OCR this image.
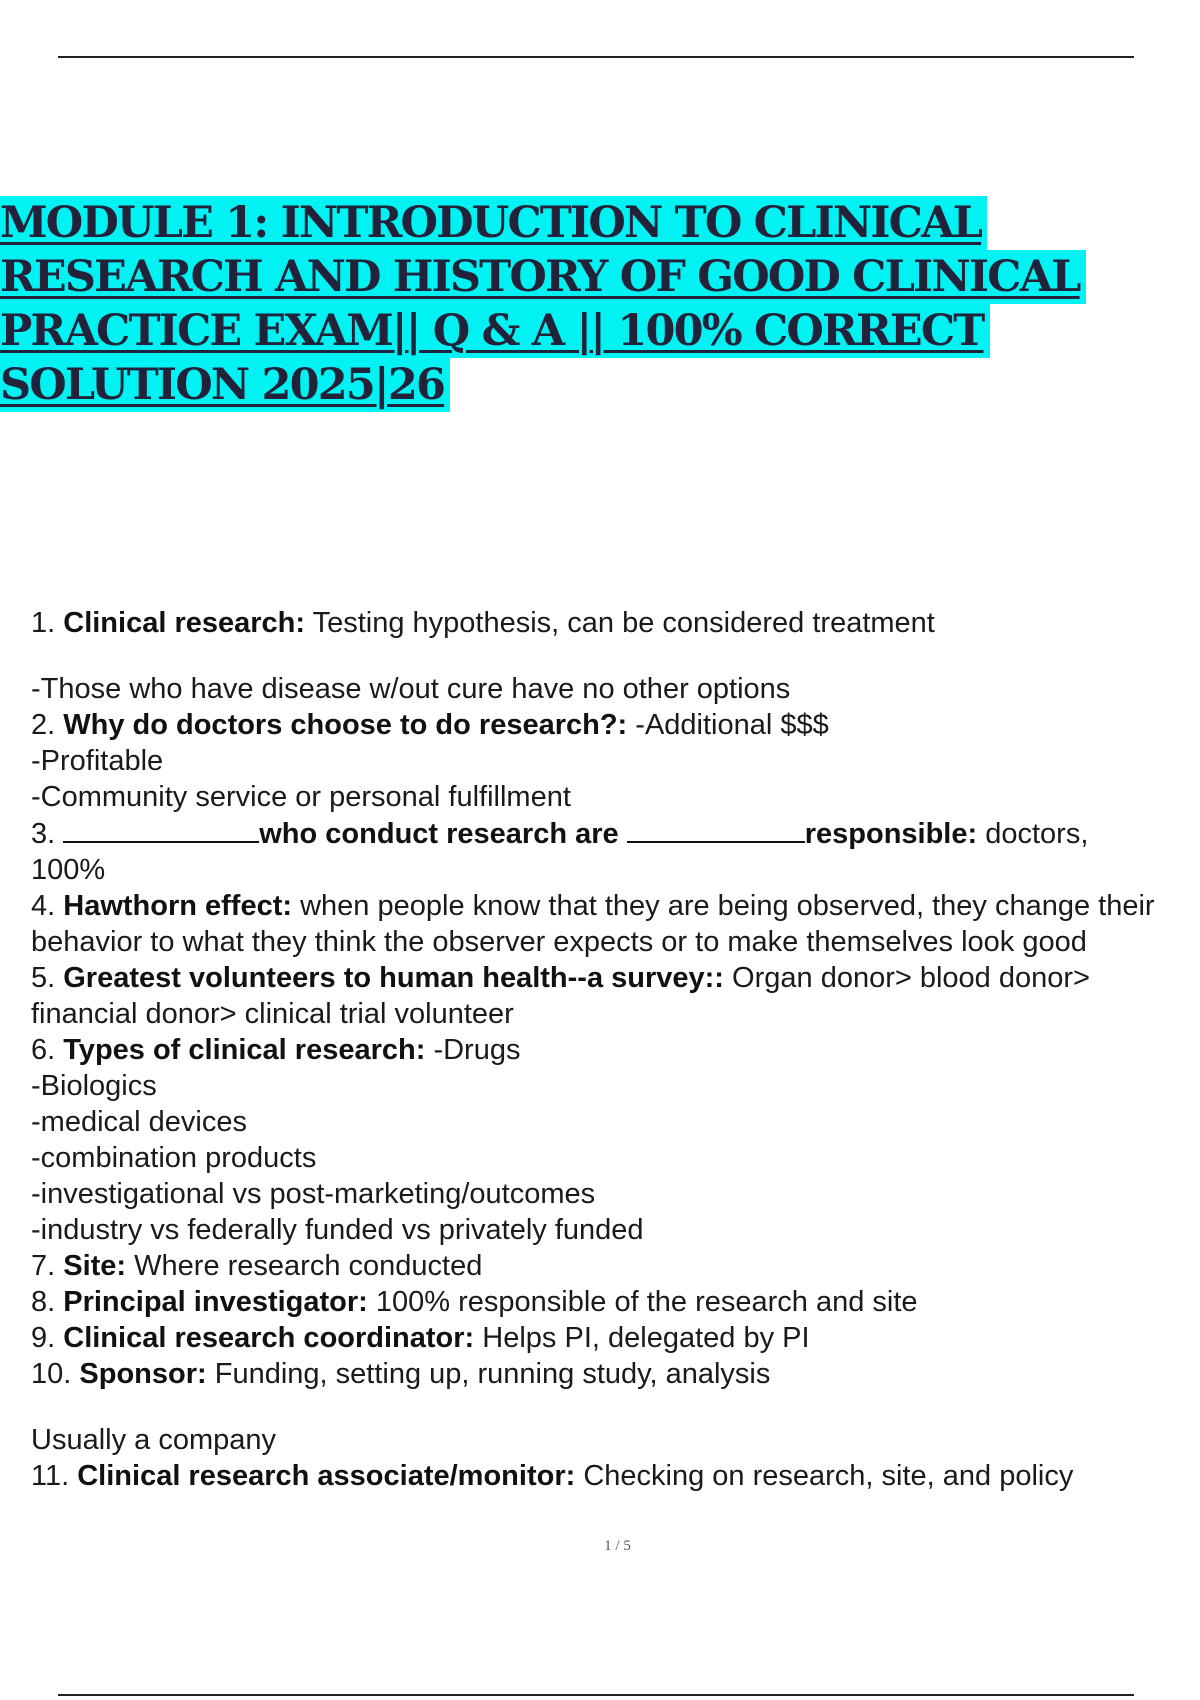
MODULE 1: INTRODUCTION TO CLINICAL
RESEARCH AND HISTORY OF GOOD CLINICAL
PRACTICE EXAM|| Q & A || 100% CORRECT
SOLUTION 2025|26

1. Clinical research: Testing hypothesis, can be considered treatment

-Those who have disease w/out cure have no other options

2. Why do doctors choose to do research?: -Additional $$$

-Profitable

-Community service or personal fulfillment

3.	who conduct research are	responsible: doctors,
100%

4. Hawthorn effect: when people know that they are being observed, they change their behavior to what they think the observer expects or to make themselves look good

5. Greatest volunteers to human health--a survey:: Organ donor> blood donor> financial donor> clinical trial volunteer

6. Types of clinical research: -Drugs

-Biologics

-medical devices

-combination products

-investigational vs post-marketing/outcomes

-industry vs federally funded vs privately funded

7. Site: Where research conducted

8. Principal investigator: 100% responsible of the research and site

9. Clinical research coordinator: Helps PI, delegated by PI

10. Sponsor: Funding, setting up, running study, analysis

Usually a company

11. Clinical research associate/monitor: Checking on research, site, and policy

1 / 5
